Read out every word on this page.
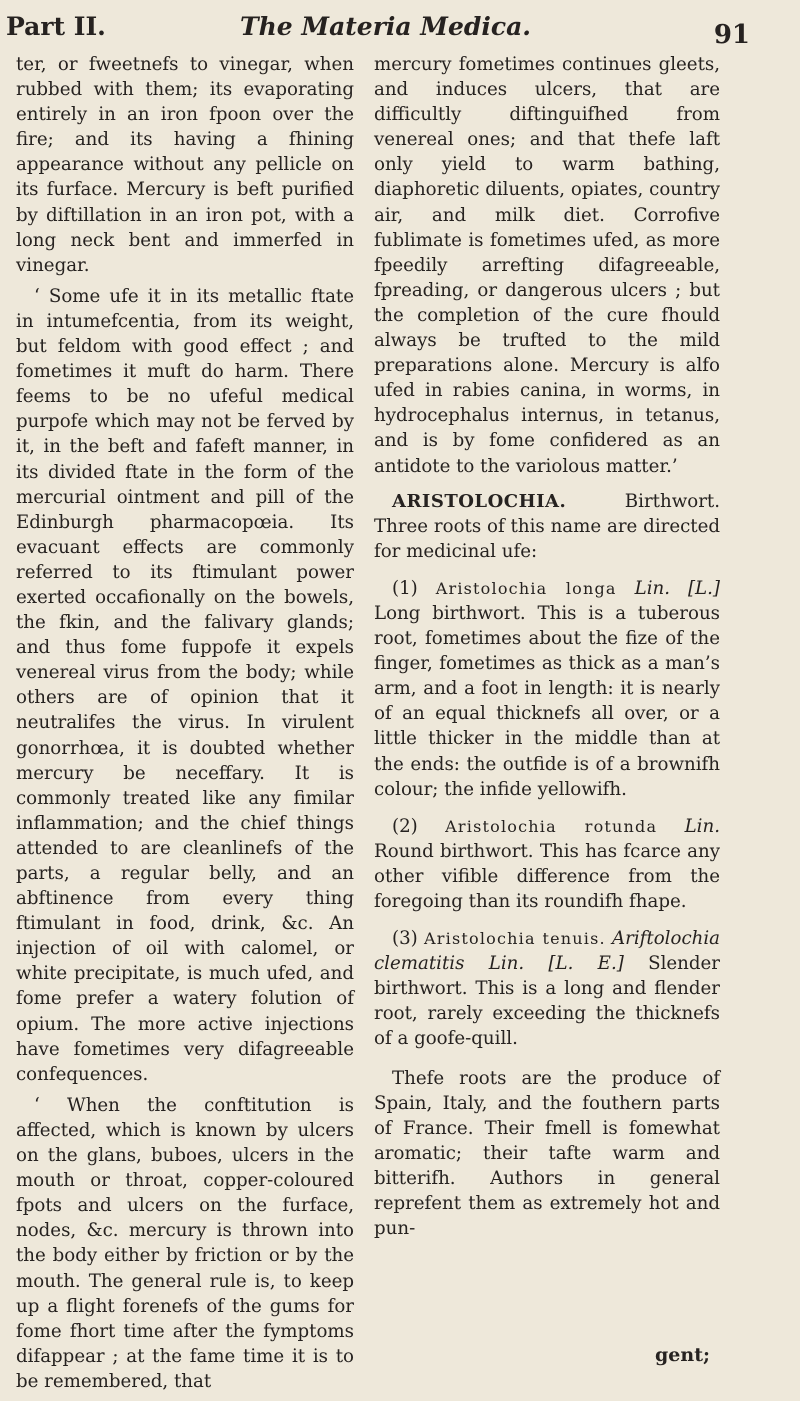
Part II.	The Materia Medica.	91

ter, or fweetnefs to vinegar, when rubbed with them; its evaporating entirely in an iron fpoon over the fire; and its having a fhining appearance without any pellicle on its furface. Mercury is beft purified by diftillation in an iron pot, with a long neck bent and immerfed in vinegar.

‘ Some ufe it in its metallic ftate in intumefcentia, from its weight, but feldom with good effect ; and fometimes it muft do harm. There feems to be no ufeful medical purpofe which may not be ferved by it, in the beft and fafeft manner, in its divided ftate in the form of the mercurial ointment and pill of the Edinburgh pharmacopœia. Its evacuant effects are commonly referred to its ftimulant power exerted occafionally on the bowels, the fkin, and the falivary glands; and thus fome fuppofe it expels venereal virus from the body; while others are of opinion that it neutralifes the virus. In virulent gonorrhœa, it is doubted whether mercury be neceffary. It is commonly treated like any fimilar inflammation; and the chief things attended to are cleanlinefs of the parts, a regular belly, and an abftinence from every thing ftimulant in food, drink, &c. An injection of oil with calomel, or white precipitate, is much ufed, and fome prefer a watery folution of opium. The more active injections have fometimes very difagreeable confequences.

‘ When the conftitution is affected, which is known by ulcers on the glans, buboes, ulcers in the mouth or throat, copper-coloured fpots and ulcers on the furface, nodes, &c. mercury is thrown into the body either by friction or by the mouth. The general rule is, to keep up a flight forenefs of the gums for fome fhort time after the fymptoms difappear ; at the fame time it is to be remembered, that

mercury fometimes continues gleets, and induces ulcers, that are difficultly diftinguifhed from venereal ones; and that thefe laft only yield to warm bathing, diaphoretic diluents, opiates, country air, and milk diet. Corrofive fublimate is fometimes ufed, as more fpeedily arrefting difagreeable, fpreading, or dangerous ulcers ; but the completion of the cure fhould always be trufted to the mild preparations alone. Mercury is alfo ufed in rabies canina, in worms, in hydrocephalus internus, in tetanus, and is by fome confidered as an antidote to the variolous matter.’

ARISTOLOCHIA. Birthwort. Three roots of this name are directed for medicinal ufe:

(1) Aristolochia longa Lin. [L.] Long birthwort. This is a tuberous root, fometimes about the fize of the finger, fometimes as thick as a man’s arm, and a foot in length: it is nearly of an equal thicknefs all over, or a little thicker in the middle than at the ends: the outfide is of a brownifh colour; the infide yellowifh.

(2) Aristolochia rotunda Lin. Round birthwort. This has fcarce any other vifible difference from the foregoing than its roundifh fhape.

(3) Aristolochia tenuis. Ariftolochia clematitis Lin. [L. E.] Slender birthwort. This is a long and flender root, rarely exceeding the thicknefs of a goofe-quill.

Thefe roots are the produce of Spain, Italy, and the fouthern parts of France. Their fmell is fomewhat aromatic; their tafte warm and bitterifh. Authors in general reprefent them as extremely hot and pun-

gent;
